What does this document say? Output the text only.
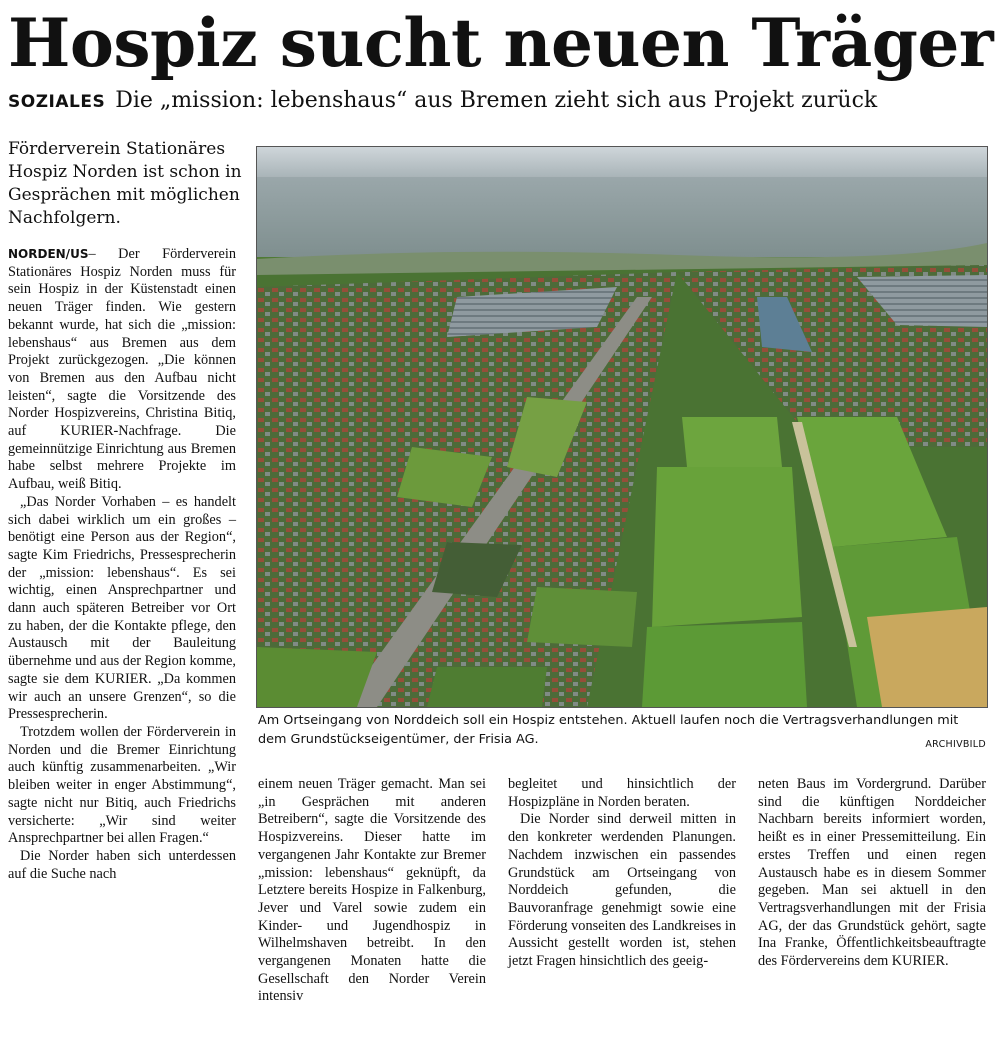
Hospiz sucht neuen Träger
SOZIALES Die „mission: lebenshaus“ aus Bremen zieht sich aus Projekt zurück

Förderverein Stationäres Hospiz Norden ist schon in Gesprächen mit möglichen Nachfolgern.

NORDEN/US– Der Förderverein Stationäres Hospiz Norden muss für sein Hospiz in der Küstenstadt einen neuen Träger finden. Wie gestern bekannt wurde, hat sich die „mission: lebenshaus“ aus Bremen aus dem Projekt zurückgezogen. „Die können von Bremen aus den Aufbau nicht leisten“, sagte die Vorsitzende des Norder Hospizvereins, Christina Bitiq, auf KURIER-Nachfrage. Die gemeinnützige Einrichtung aus Bremen habe selbst mehrere Projekte im Aufbau, weiß Bitiq.

„Das Norder Vorhaben – es handelt sich dabei wirklich um ein großes – benötigt eine Person aus der Region“, sagte Kim Friedrichs, Pressesprecherin der „mission: lebenshaus“. Es sei wichtig, einen Ansprechpartner und dann auch späteren Betreiber vor Ort zu haben, der die Kontakte pflege, den Austausch mit der Bauleitung übernehme und aus der Region komme, sagte sie dem KURIER. „Da kommen wir auch an unsere Grenzen“, so die Pressesprecherin.

Trotzdem wollen der Förderverein in Norden und die Bremer Einrichtung auch künftig zusammenarbeiten. „Wir bleiben weiter in enger Abstimmung“, sagte nicht nur Bitiq, auch Friedrichs versicherte: „Wir sind weiter Ansprechpartner bei allen Fragen.“

Die Norder haben sich unterdessen auf die Suche nach

Am Ortseingang von Norddeich soll ein Hospiz entstehen. Aktuell laufen noch die Vertragsverhandlungen mit dem Grundstückseigentümer, der Frisia AG.	ARCHIVBILD

einem neuen Träger gemacht. Man sei „in Gesprächen mit anderen Betreibern“, sagte die Vorsitzende des Hospizvereins. Dieser hatte im vergangenen Jahr Kontakte zur Bremer „mission: lebenshaus“ geknüpft, da Letztere bereits Hospize in Falkenburg, Jever und Varel sowie zudem ein Kinder- und Jugendhospiz in Wilhelmshaven betreibt. In den vergangenen Monaten hatte die Gesellschaft den Norder Verein intensiv

begleitet und hinsichtlich der Hospizpläne in Norden beraten.

Die Norder sind derweil mitten in den konkreter werdenden Planungen. Nachdem inzwischen ein passendes Grundstück am Ortseingang von Norddeich gefunden, die Bauvoranfrage genehmigt sowie eine Förderung vonseiten des Landkreises in Aussicht gestellt worden ist, stehen jetzt Fragen hinsichtlich des geeig-

neten Baus im Vordergrund. Darüber sind die künftigen Norddeicher Nachbarn bereits informiert worden, heißt es in einer Pressemitteilung. Ein erstes Treffen und einen regen Austausch habe es in diesem Sommer gegeben. Man sei aktuell in den Vertragsverhandlungen mit der Frisia AG, der das Grundstück gehört, sagte Ina Franke, Öffentlichkeitsbeauftragte des Fördervereins dem KURIER.
